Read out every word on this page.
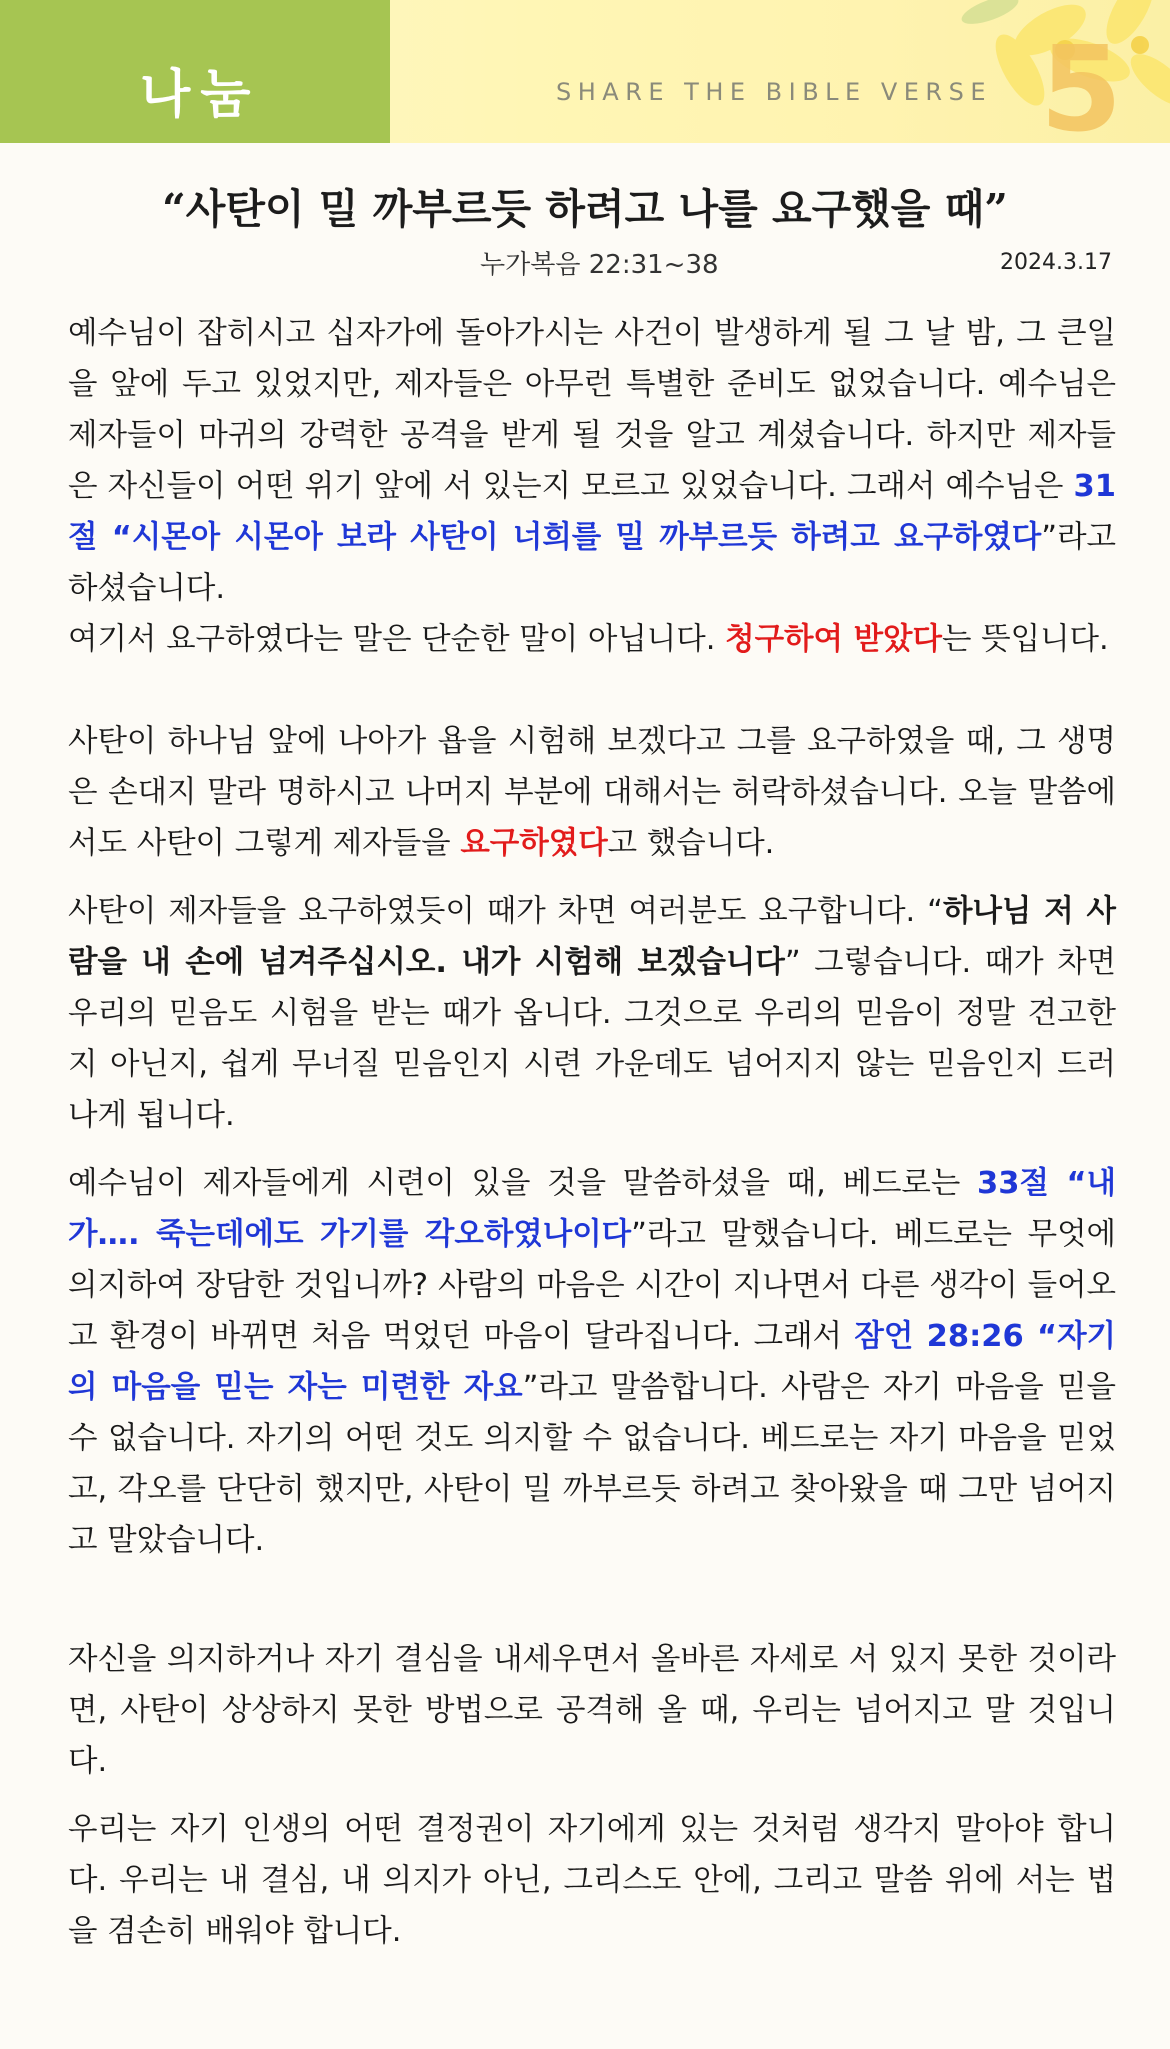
나눔	SHARE THE BIBLE VERSE 5
“사탄이 밀 까부르듯 하려고 나를 요구했을 때”
누가복음 22:31~38	2024.3.17

예수님이 잡히시고 십자가에 돌아가시는 사건이 발생하게 될 그 날 밤, 그 큰일을 앞에 두고 있었지만, 제자들은 아무런 특별한 준비도 없었습니다. 예수님은 제자들이 마귀의 강력한 공격을 받게 될 것을 알고 계셨습니다. 하지만 제자들은 자신들이 어떤 위기 앞에 서 있는지 모르고 있었습니다. 그래서 예수님은 31절 “시몬아 시몬아 보라 사탄이 너희를 밀 까부르듯 하려고 요구하였다”라고 하셨습니다.

여기서 요구하였다는 말은 단순한 말이 아닙니다. 청구하여 받았다는 뜻입니다.

사탄이 하나님 앞에 나아가 욥을 시험해 보겠다고 그를 요구하였을 때, 그 생명은 손대지 말라 명하시고 나머지 부분에 대해서는 허락하셨습니다. 오늘 말씀에서도 사탄이 그렇게 제자들을 요구하였다고 했습니다.

사탄이 제자들을 요구하였듯이 때가 차면 여러분도 요구합니다. “하나님 저 사람을 내 손에 넘겨주십시오. 내가 시험해 보겠습니다” 그렇습니다. 때가 차면 우리의 믿음도 시험을 받는 때가 옵니다. 그것으로 우리의 믿음이 정말 견고한지 아닌지, 쉽게 무너질 믿음인지 시련 가운데도 넘어지지 않는 믿음인지 드러나게 됩니다.

예수님이 제자들에게 시련이 있을 것을 말씀하셨을 때, 베드로는 33절 “내가…. 죽는데에도 가기를 각오하였나이다”라고 말했습니다. 베드로는 무엇에 의지하여 장담한 것입니까? 사람의 마음은 시간이 지나면서 다른 생각이 들어오고 환경이 바뀌면 처음 먹었던 마음이 달라집니다. 그래서 잠언 28:26 “자기의 마음을 믿는 자는 미련한 자요”라고 말씀합니다. 사람은 자기 마음을 믿을 수 없습니다. 자기의 어떤 것도 의지할 수 없습니다. 베드로는 자기 마음을 믿었고, 각오를 단단히 했지만, 사탄이 밀 까부르듯 하려고 찾아왔을 때 그만 넘어지고 말았습니다.

자신을 의지하거나 자기 결심을 내세우면서 올바른 자세로 서 있지 못한 것이라면, 사탄이 상상하지 못한 방법으로 공격해 올 때, 우리는 넘어지고 말 것입니다.

우리는 자기 인생의 어떤 결정권이 자기에게 있는 것처럼 생각지 말아야 합니다. 우리는 내 결심, 내 의지가 아닌, 그리스도 안에, 그리고 말씀 위에 서는 법을 겸손히 배워야 합니다.
